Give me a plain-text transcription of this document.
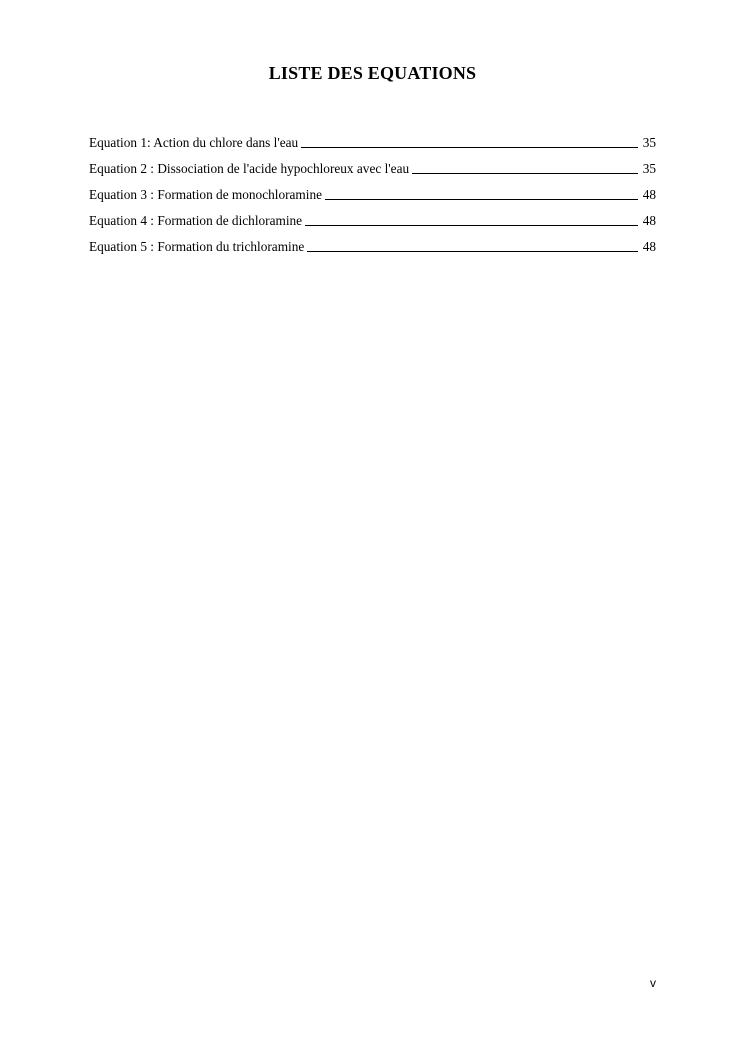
LISTE DES EQUATIONS
Equation 1: Action du chlore dans l'eau	35
Equation 2 : Dissociation de l'acide hypochloreux avec l'eau	35
Equation 3 : Formation de monochloramine	48
Equation 4 : Formation de dichloramine	48
Equation 5 : Formation du trichloramine	48
v
